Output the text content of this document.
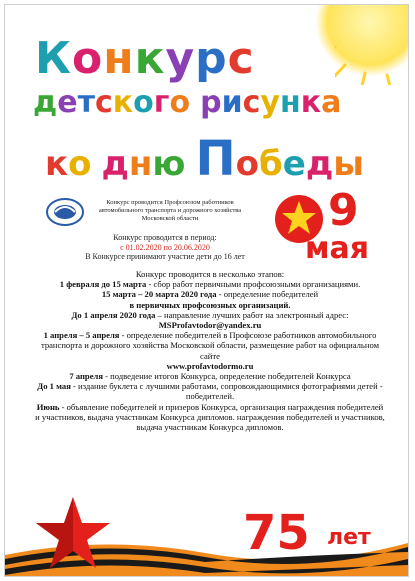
Конкурс
детского рисунка
ко дню Победы
Конкурс проводится Профсоюзом работников автомобильного транспорта и дорожного хозяйства Московской области
Конкурс проводится в период:
с 01.02.2020 по 20.06.2020
В Конкурсе принимают участие дети до 16 лет
9
мая

Конкурс проводится в несколько этапов:

1 февраля до 15 марта - сбор работ первичными профсоюзными организациями.

15 марта – 20 марта 2020 года - определение победителей
в первичных профсоюзных организаций.

До 1 апреля 2020 года – направление лучших работ на электронный адрес:
MSProfavtodor@yandex.ru

1 апреля – 5 апреля - определение победителей в Профсоюзе работников автомобильного транспорта и дорожного хозяйства Московской области, размещение работ на официальном сайте
www.profavtodormo.ru

7 апреля - подведение итогов Конкурса, определение победителей Конкурса

До 1 мая - издание буклета с лучшими работами, сопровождающимися фотографиями детей - победителей.

Июнь - объявление победителей и призеров Конкурса, организация награждения победителей и участников, выдача участникам Конкурса дипломов. награждения победителей и участников, выдача участникам Конкурса дипломов.

75 лет
